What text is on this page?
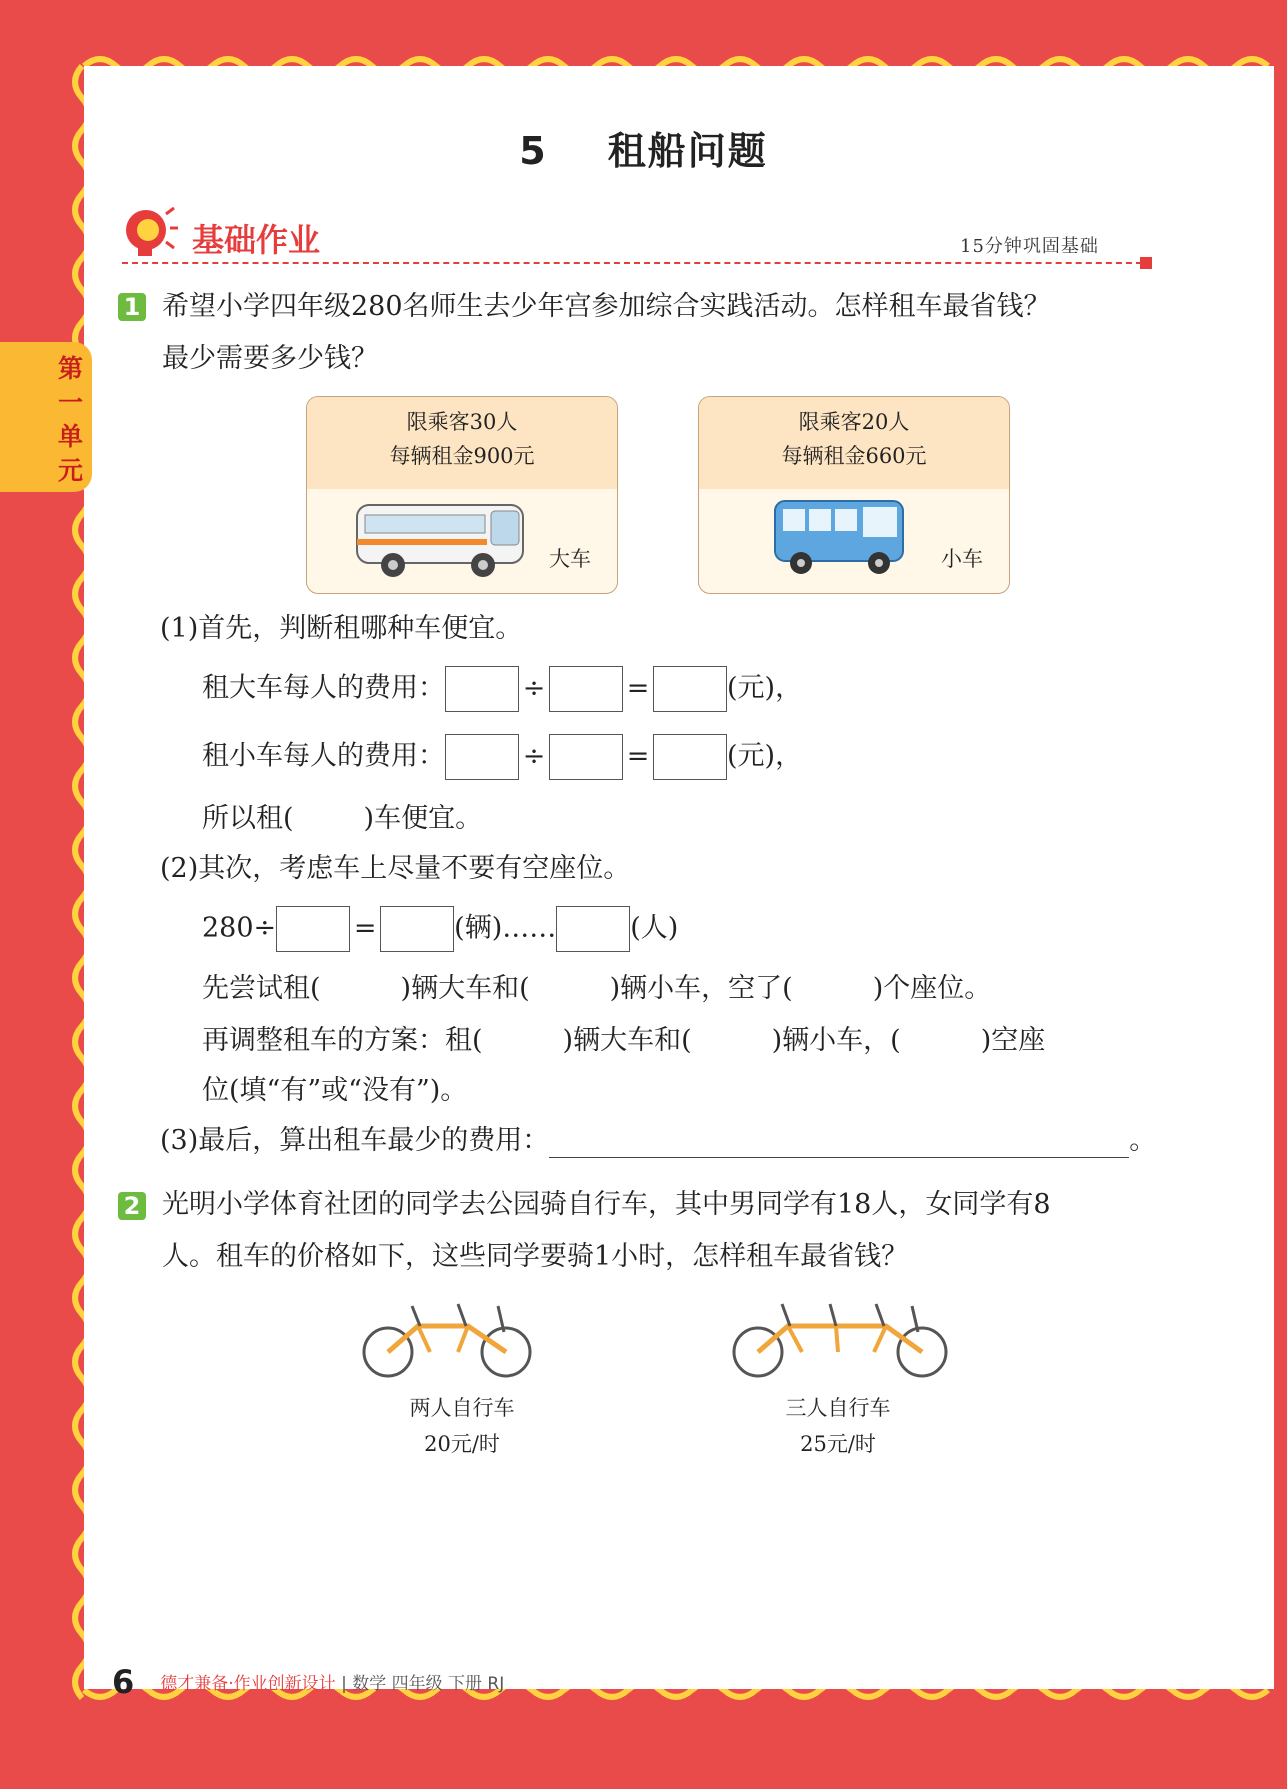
第一单元
5 租船问题
基础作业	15分钟巩固基础
1 希望小学四年级280名师生去少年宫参加综合实践活动。怎样租车最省钱？
最少需要多少钱？
限乘客30人
每辆租金900元
大车
限乘客20人
每辆租金660元
小车
(1)首先，判断租哪种车便宜。
租大车每人的费用：	÷	=	(元)，
租小车每人的费用：	÷	=	(元)，
所以租(	)车便宜。
(2)其次，考虑车上尽量不要有空座位。
280÷	=	(辆)……	(人)
先尝试租(	)辆大车和(	)辆小车，空了(	)个座位。
再调整租车的方案：租(	)辆大车和(	)辆小车，(	)空座
位(填“有”或“没有”)。
(3)最后，算出租车最少的费用：	。
2 光明小学体育社团的同学去公园骑自行车，其中男同学有18人，女同学有8
人。租车的价格如下，这些同学要骑1小时，怎样租车最省钱？
两人自行车
20元/时
三人自行车
25元/时
6 德才兼备·作业创新设计 | 数学 四年级 下册 RJ
